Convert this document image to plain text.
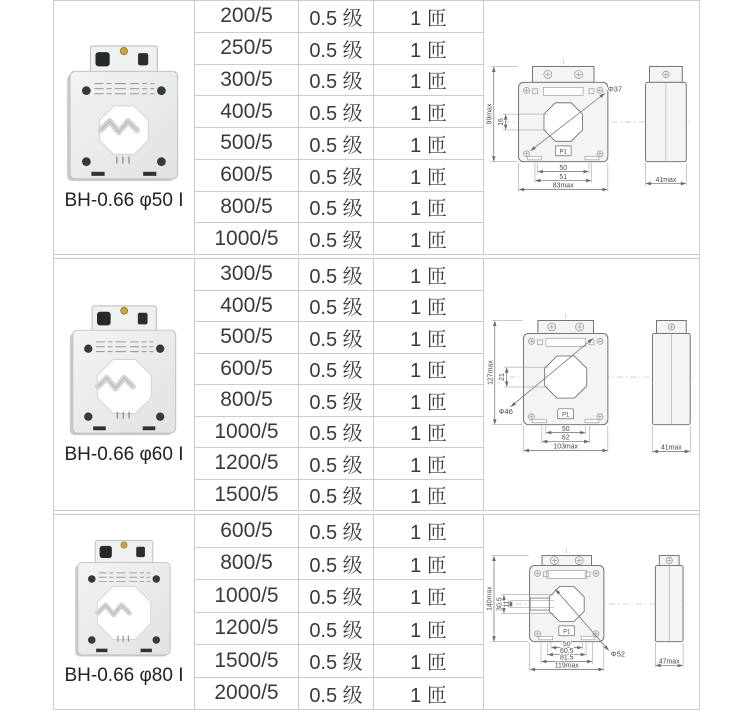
BH-0.66 φ50 I
200/5	0.5 级	1 匝
250/5	0.5 级	1 匝
300/5	0.5 级	1 匝
400/5	0.5 级	1 匝
500/5	0.5 级	1 匝
600/5	0.5 级	1 匝
800/5	0.5 级	1 匝
1000/5	0.5 级	1 匝
P1
Φ37
99max 16
50
51
83max
41max
BH-0.66 φ60 I
300/5	0.5 级	1 匝
400/5	0.5 级	1 匝
500/5	0.5 级	1 匝
600/5	0.5 级	1 匝
800/5	0.5 级	1 匝
1000/5	0.5 级	1 匝
1200/5	0.5 级	1 匝
1500/5	0.5 级	1 匝
P1
Φ46
127max 21
50
62
103max	41max
BH-0.66 φ80 I
600/5	0.5 级	1 匝
800/5	0.5 级	1 匝
1000/5	0.5 级	1 匝
1200/5	0.5 级	1 匝
1500/5	0.5 级	1 匝
2000/5	0.5 级	1 匝
P1
Φ52
140max 30.5 11
50
60.5
81.5
119max
47max
